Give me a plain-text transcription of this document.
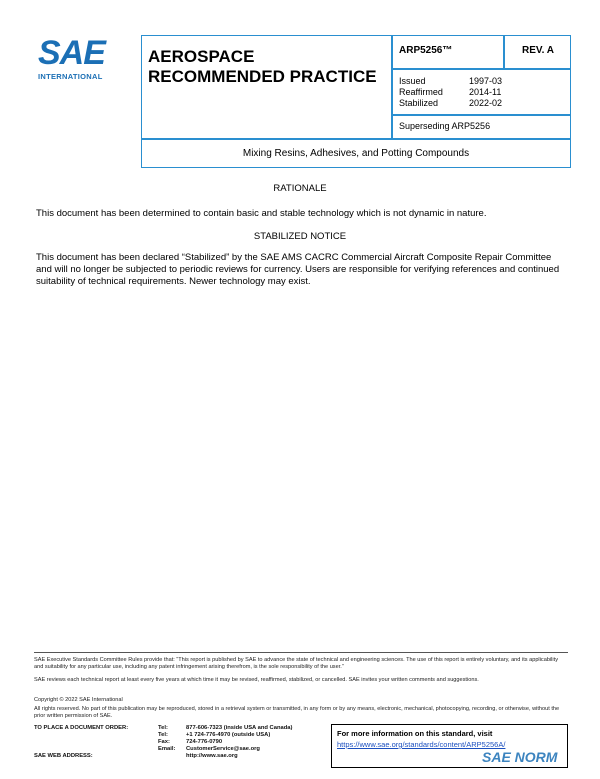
SAE
INTERNATIONAL
AEROSPACE
RECOMMENDED PRACTICE
ARP5256™	REV. A
Issued	1997-03
Reaffirmed	2014-11
Stabilized	2022-02
Superseding ARP5256
Mixing Resins, Adhesives, and Potting Compounds
RATIONALE
This document has been determined to contain basic and stable technology which is not dynamic in nature.
STABILIZED NOTICE
This document has been declared “Stabilized” by the SAE AMS CACRC Commercial Aircraft Composite Repair Committee and will no longer be subjected to periodic reviews for currency. Users are responsible for verifying references and continued suitability of technical requirements. Newer technology may exist.
SAE Executive Standards Committee Rules provide that: “This report is published by SAE to advance the state of technical and engineering sciences. The use of this report is entirely voluntary, and its applicability and suitability for any particular use, including any patent infringement arising therefrom, is the sole responsibility of the user.”
SAE reviews each technical report at least every five years at which time it may be revised, reaffirmed, stabilized, or cancelled. SAE invites your written comments and suggestions.
Copyright © 2022 SAE International
All rights reserved. No part of this publication may be reproduced, stored in a retrieval system or transmitted, in any form or by any means, electronic, mechanical, photocopying, recording, or otherwise, without the prior written permission of SAE.
TO PLACE A DOCUMENT ORDER:	Tel:	877-606-7323 (inside USA and Canada)
Tel:	+1 724-776-4970 (outside USA)
Fax:	724-776-0790
Email:	CustomerService@sae.org
SAE WEB ADDRESS:	http://www.sae.org
For more information on this standard, visit
https://www.sae.org/standards/content/ARP5256A/
SAE NORM
